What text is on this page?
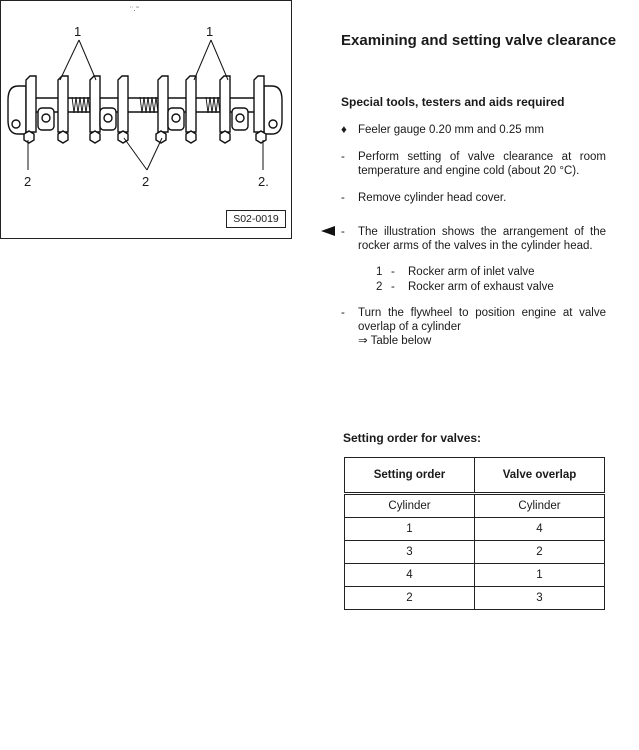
¨·˜
Examining and setting valve clearance
Special tools, testers and aids required
♦ Feeler gauge 0.20 mm and 0.25 mm
-	Perform setting of valve clearance at room temperature and engine cold (about 20 °C).
-	Remove cylinder head cover.
-	The illustration shows the arrangement of the rocker arms of the valves in the cylinder head.
1 - Rocker arm of inlet valve
2 - Rocker arm of exhaust valve
-	Turn the flywheel to position engine at valve overlap of a cylinder
⇒ Table below
1	1
2	2	2.
S02-0019
Setting order for valves:
Setting order	Valve overlap
Cylinder	Cylinder
1	4
3	2
4	1
2	3
